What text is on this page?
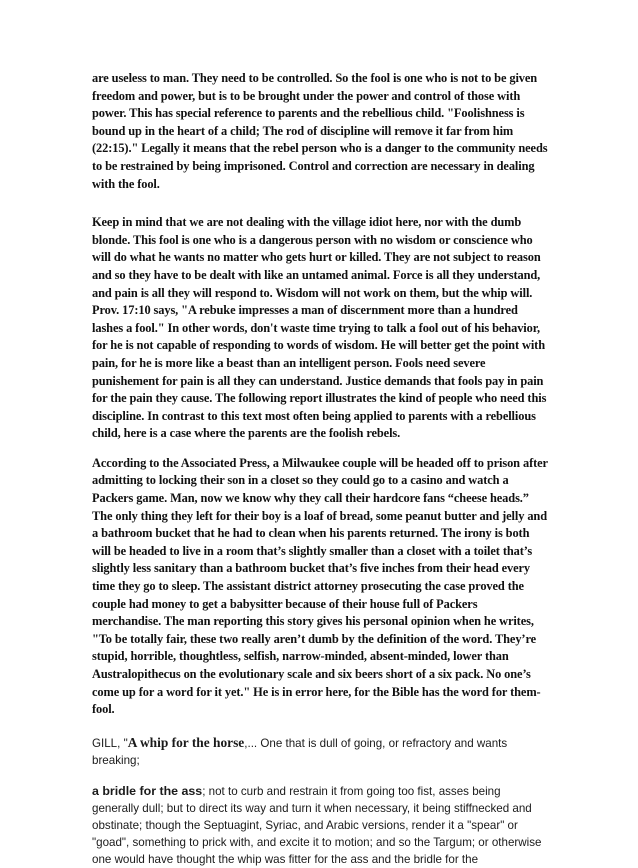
are useless to man. They need to be controlled. So the fool is one who is not to be given freedom and power, but is to be brought under the power and control of those with power. This has special reference to parents and the rebellious child. "Foolishness is bound up in the heart of a child; The rod of discipline will remove it far from him (22:15)." Legally it means that the rebel person who is a danger to the community needs to be restrained by being imprisoned. Control and correction are necessary in dealing with the fool.

Keep in mind that we are not dealing with the village idiot here, nor with the dumb blonde. This fool is one who is a dangerous person with no wisdom or conscience who will do what he wants no matter who gets hurt or killed. They are not subject to reason and so they have to be dealt with like an untamed animal. Force is all they understand, and pain is all they will respond to. Wisdom will not work on them, but the whip will. Prov. 17:10 says, "A rebuke impresses a man of discernment more than a hundred lashes a fool." In other words, don't waste time trying to talk a fool out of his behavior, for he is not capable of responding to words of wisdom. He will better get the point with pain, for he is more like a beast than an intelligent person. Fools need severe punishement for pain is all they can understand. Justice demands that fools pay in pain for the pain they cause. The following report illustrates the kind of people who need this discipline. In contrast to this text most often being applied to parents with a rebellious child, here is a case where the parents are the foolish rebels.

According to the Associated Press, a Milwaukee couple will be headed off to prison after admitting to locking their son in a closet so they could go to a casino and watch a Packers game. Man, now we know why they call their hardcore fans “cheese heads.” The only thing they left for their boy is a loaf of bread, some peanut butter and jelly and a bathroom bucket that he had to clean when his parents returned. The irony is both will be headed to live in a room that’s slightly smaller than a closet with a toilet that’s slightly less sanitary than a bathroom bucket that’s five inches from their head every time they go to sleep. The assistant district attorney prosecuting the case proved the couple had money to get a babysitter because of their house full of Packers merchandise. The man reporting this story gives his personal opinion when he writes, "To be totally fair, these two really aren’t dumb by the definition of the word. They’re stupid, horrible, thoughtless, selfish, narrow-minded, absent-minded, lower than Australopithecus on the evolutionary scale and six beers short of a six pack. No one’s come up for a word for it yet." He is in error here, for the Bible has the word for them-fool.

GILL, "A whip for the horse,... One that is dull of going, or refractory and wants breaking;

a bridle for the ass; not to curb and restrain it from going too fist, asses being generally dull; but to direct its way and turn it when necessary, it being stiffnecked and obstinate; though the Septuagint, Syriac, and Arabic versions, render it a "spear" or "goad", something to prick with, and excite it to motion; and so the Targum; or otherwise one would have thought the whip was fitter for the ass and the bridle for the
